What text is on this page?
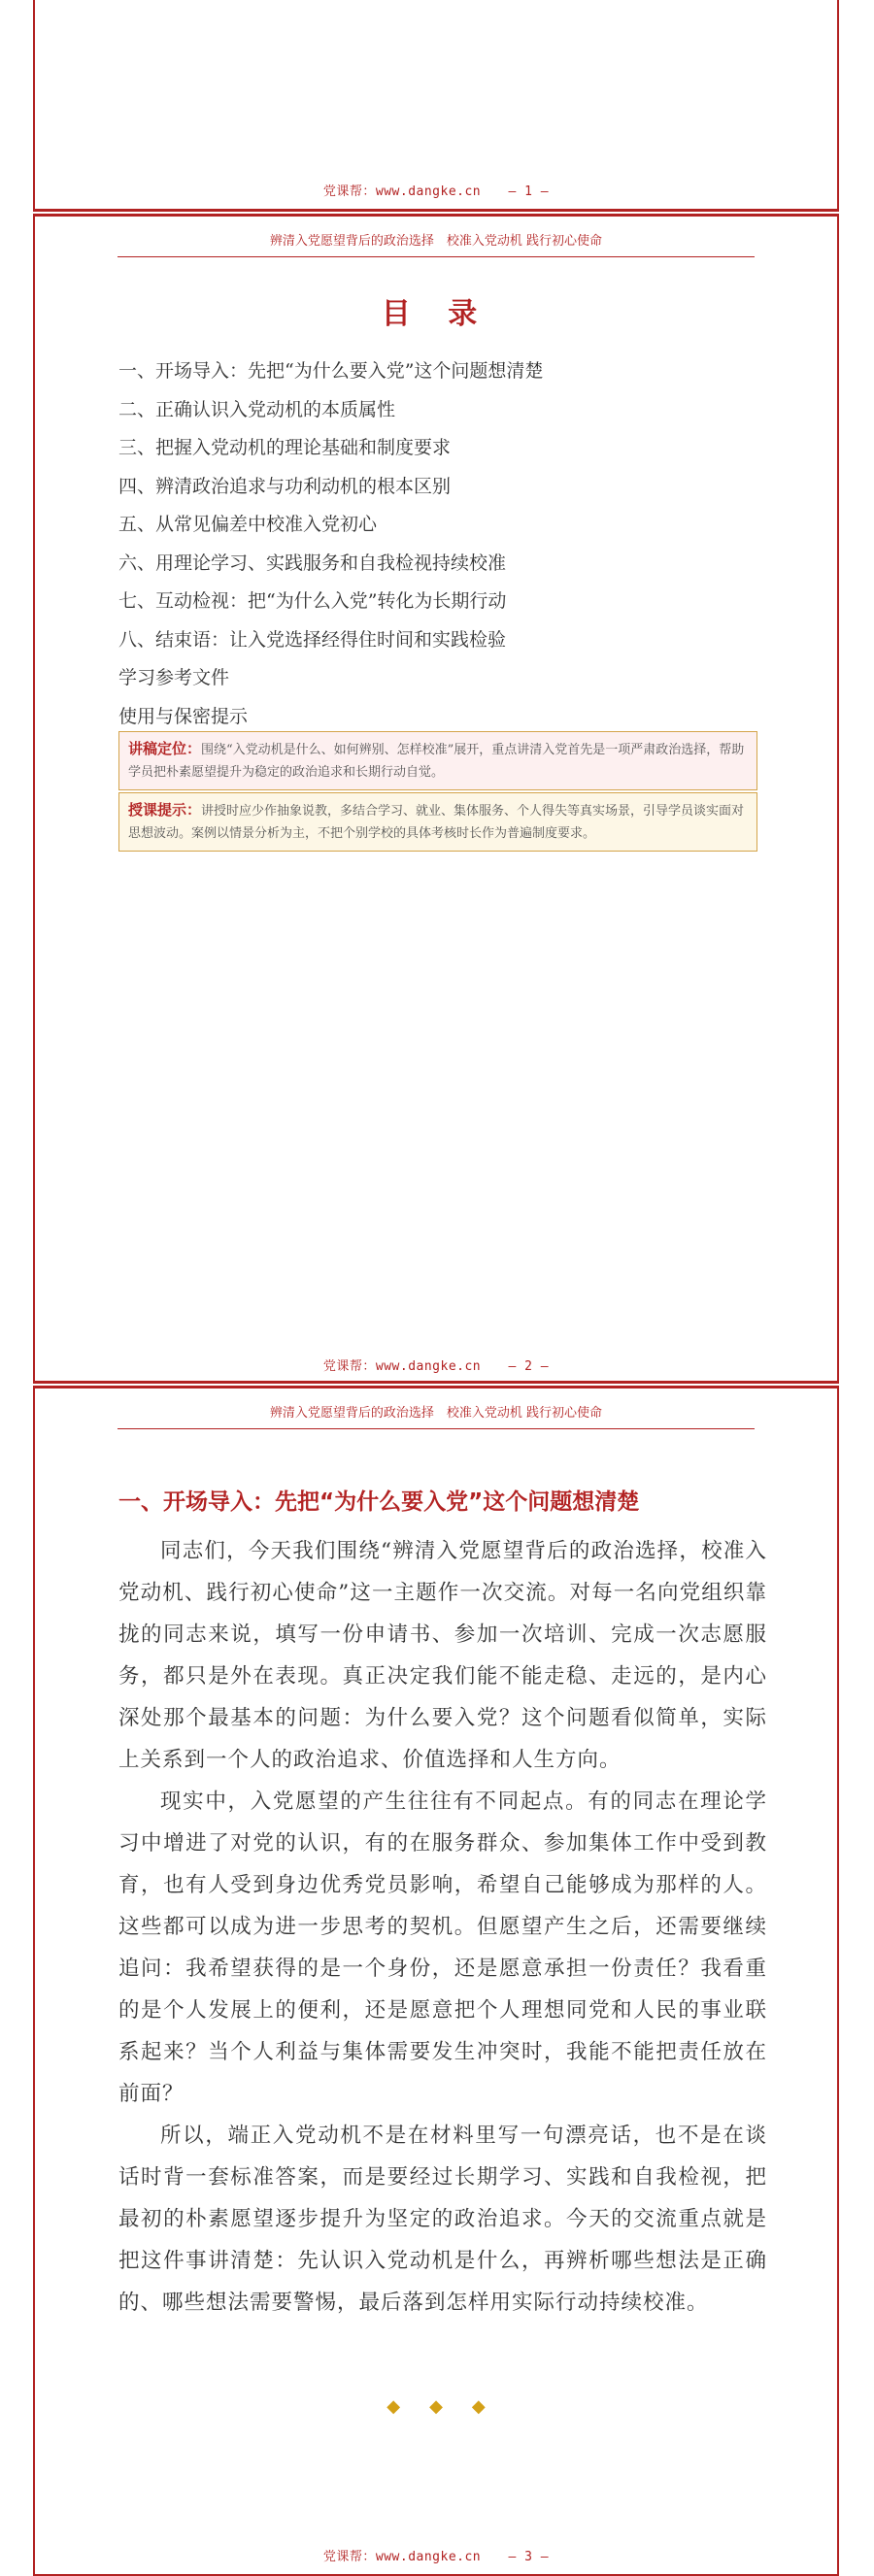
党课帮：www.dangke.cn — 1 —
辨清入党愿望背后的政治选择　校准入党动机 践行初心使命
目 录
一、开场导入：先把“为什么要入党”这个问题想清楚
二、正确认识入党动机的本质属性
三、把握入党动机的理论基础和制度要求
四、辨清政治追求与功利动机的根本区别
五、从常见偏差中校准入党初心
六、用理论学习、实践服务和自我检视持续校准
七、互动检视：把“为什么入党”转化为长期行动
八、结束语：让入党选择经得住时间和实践检验
学习参考文件
使用与保密提示
讲稿定位：围绕“入党动机是什么、如何辨别、怎样校准”展开，重点讲清入党首先是一项严肃政治选择，帮助学员把朴素愿望提升为稳定的政治追求和长期行动自觉。
授课提示：讲授时应少作抽象说教，多结合学习、就业、集体服务、个人得失等真实场景，引导学员谈实面对思想波动。案例以情景分析为主，不把个别学校的具体考核时长作为普遍制度要求。
党课帮：www.dangke.cn — 2 —
辨清入党愿望背后的政治选择　校准入党动机 践行初心使命
一、开场导入：先把“为什么要入党”这个问题想清楚

同志们，今天我们围绕“辨清入党愿望背后的政治选择，校准入党动机、践行初心使命”这一主题作一次交流。对每一名向党组织靠拢的同志来说，填写一份申请书、参加一次培训、完成一次志愿服务，都只是外在表现。真正决定我们能不能走稳、走远的，是内心深处那个最基本的问题：为什么要入党？这个问题看似简单，实际上关系到一个人的政治追求、价值选择和人生方向。

现实中，入党愿望的产生往往有不同起点。有的同志在理论学习中增进了对党的认识，有的在服务群众、参加集体工作中受到教育，也有人受到身边优秀党员影响，希望自己能够成为那样的人。这些都可以成为进一步思考的契机。但愿望产生之后，还需要继续追问：我希望获得的是一个身份，还是愿意承担一份责任？我看重的是个人发展上的便利，还是愿意把个人理想同党和人民的事业联系起来？当个人利益与集体需要发生冲突时，我能不能把责任放在前面？

所以，端正入党动机不是在材料里写一句漂亮话，也不是在谈话时背一套标准答案，而是要经过长期学习、实践和自我检视，把最初的朴素愿望逐步提升为坚定的政治追求。今天的交流重点就是把这件事讲清楚：先认识入党动机是什么，再辨析哪些想法是正确的、哪些想法需要警惕，最后落到怎样用实际行动持续校准。

◆ ◆ ◆
党课帮：www.dangke.cn — 3 —
